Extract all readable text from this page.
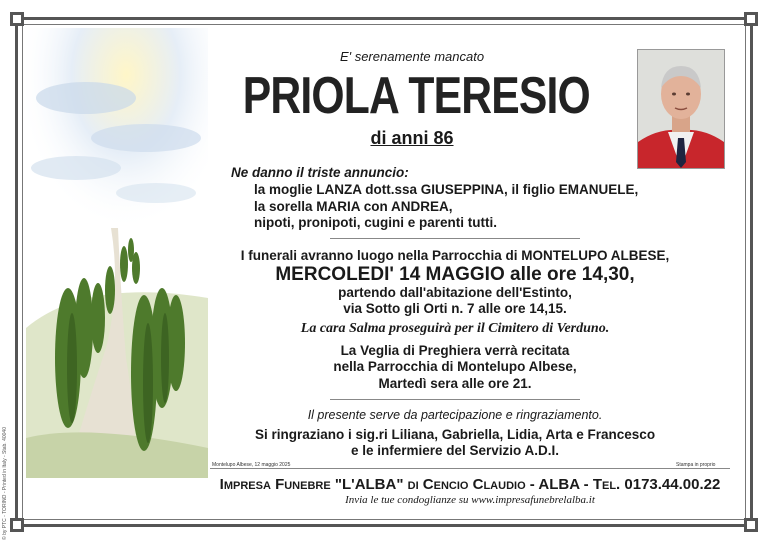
© by PTC - TORINO - Printed in Italy - Stab. 40040
E' serenamente mancato
PRIOLA TERESIO
di anni 86
Ne danno il triste annuncio:
la moglie LANZA dott.ssa GIUSEPPINA, il figlio EMANUELE,
la sorella MARIA con ANDREA,
nipoti, pronipoti, cugini e parenti tutti.
I funerali avranno luogo nella Parrocchia di MONTELUPO ALBESE,
MERCOLEDI' 14 MAGGIO alle ore 14,30,
partendo dall'abitazione dell'Estinto,
via Sotto gli Orti n. 7 alle ore 14,15.
La cara Salma proseguirà per il Cimitero di Verduno.
La Veglia di Preghiera verrà recitata
nella Parrocchia di Montelupo Albese,
Martedì sera alle ore 21.
Il presente serve da partecipazione e ringraziamento.
Si ringraziano i sig.ri Liliana, Gabriella, Lidia, Arta e Francesco
e le infermiere del Servizio A.D.I.
Montelupo Albese, 12 maggio 2025	Stampa in proprio
Impresa Funebre "L'ALBA" di Cencio Claudio - ALBA - Tel. 0173.44.00.22
Invia le tue condoglianze su www.impresafunebrelalba.it
